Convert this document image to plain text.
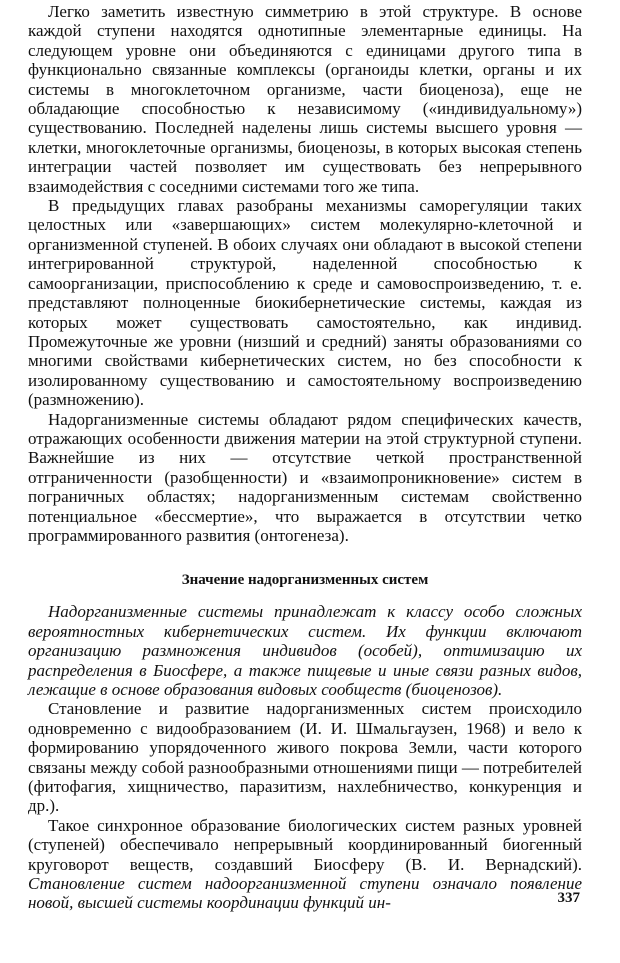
Легко заметить известную симметрию в этой структуре. В основе каждой ступени находятся однотипные элементарные единицы. На следующем уровне они объединяются с единицами другого типа в функционально связанные комплексы (органоиды клетки, органы и их системы в многоклеточном организме, части биоценоза), еще не обладающие способностью к независимому («индивидуальному») существованию. Последней наделены лишь системы высшего уровня — клетки, многоклеточные организмы, биоценозы, в которых высокая степень интеграции частей позволяет им существовать без непрерывного взаимодействия с соседними системами того же типа.

В предыдущих главах разобраны механизмы саморегуляции таких целостных или «завершающих» систем молекулярно-клеточной и организменной ступеней. В обоих случаях они обладают в высокой степени интегрированной структурой, наделенной способностью к самоорганизации, приспособлению к среде и самовоспроизведению, т. е. представляют полноценные биокибернетические системы, каждая из которых может существовать самостоятельно, как индивид. Промежуточные же уровни (низший и средний) заняты образованиями со многими свойствами кибернетических систем, но без способности к изолированному существованию и самостоятельному воспроизведению (размножению).

Надорганизменные системы обладают рядом специфических качеств, отражающих особенности движения материи на этой структурной ступени. Важнейшие из них — отсутствие четкой пространственной отграниченности (разобщенности) и «взаимопроникновение» систем в пограничных областях; надорганизменным системам свойственно потенциальное «бессмертие», что выражается в отсутствии четко программированного развития (онтогенеза).

Значение надорганизменных систем

Надорганизменные системы принадлежат к классу особо сложных вероятностных кибернетических систем. Их функции включают организацию размножения индивидов (особей), оптимизацию их распределения в Биосфере, а также пищевые и иные связи разных видов, лежащие в основе образования видовых сообществ (биоценозов).

Становление и развитие надорганизменных систем происходило одновременно с видообразованием (И. И. Шмальгаузен, 1968) и вело к формированию упорядоченного живого покрова Земли, части которого связаны между собой разнообразными отношениями пищи — потребителей (фитофагия, хищничество, паразитизм, нахлебничество, конкуренция и др.).

Такое синхронное образование биологических систем разных уровней (ступеней) обеспечивало непрерывный координированный биогенный круговорот веществ, создавший Биосферу (В. И. Вернадский). Становление систем надоорганизменной ступени означало появление новой, высшей системы координации функций ин-	337
